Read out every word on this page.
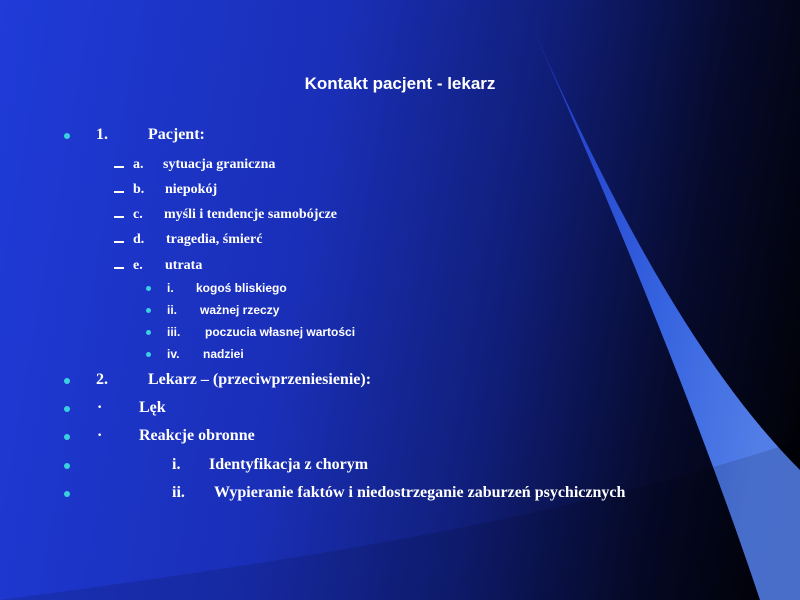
Kontakt pacjent - lekarz
1.	Pacjent:
a. sytuacja graniczna
b. niepokój
c. myśli i tendencje samobójcze
d. tragedia, śmierć
e. utrata
i. kogoś bliskiego
ii. ważnej rzeczy
iii. poczucia własnej wartości
iv. nadziei
2.	Lekarz – (przeciwprzeniesienie):
· Lęk
· Reakcje obronne
i. Identyfikacja z chorym
ii. Wypieranie faktów i niedostrzeganie zaburzeń psychicznych
